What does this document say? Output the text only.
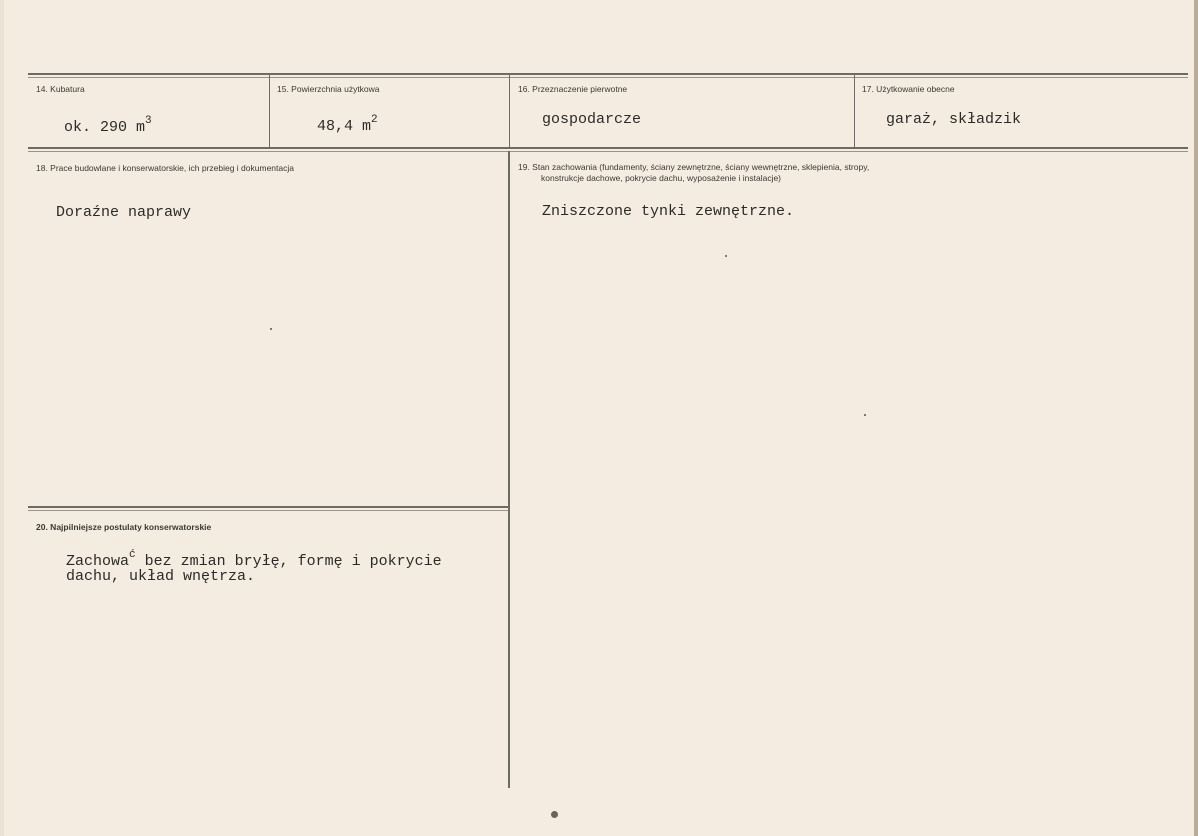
14. Kubatura
ok. 290 $m^3$
15. Powierzchnia użytkowa
48,4 $m^2$
16. Przeznaczenie pierwotne
gospodarcze
17. Użytkowanie obecne
garaż, składzik
18. Prace budowlane i konserwatorskie, ich przebieg i dokumentacja
Doraźne naprawy
19. Stan zachowania (fundamenty, ściany zewnętrzne, ściany wewnętrzne, sklepienia, stropy,
konstrukcje dachowe, pokrycie dachu, wyposażenie i instalacje)
Zniszczone tynki zewnętrzne.
20. Najpilniejsze postulaty konserwatorskie
Zachowa$^ć$ bez zmian bryłę, formę i pokrycie
dachu, układ wnętrza.
